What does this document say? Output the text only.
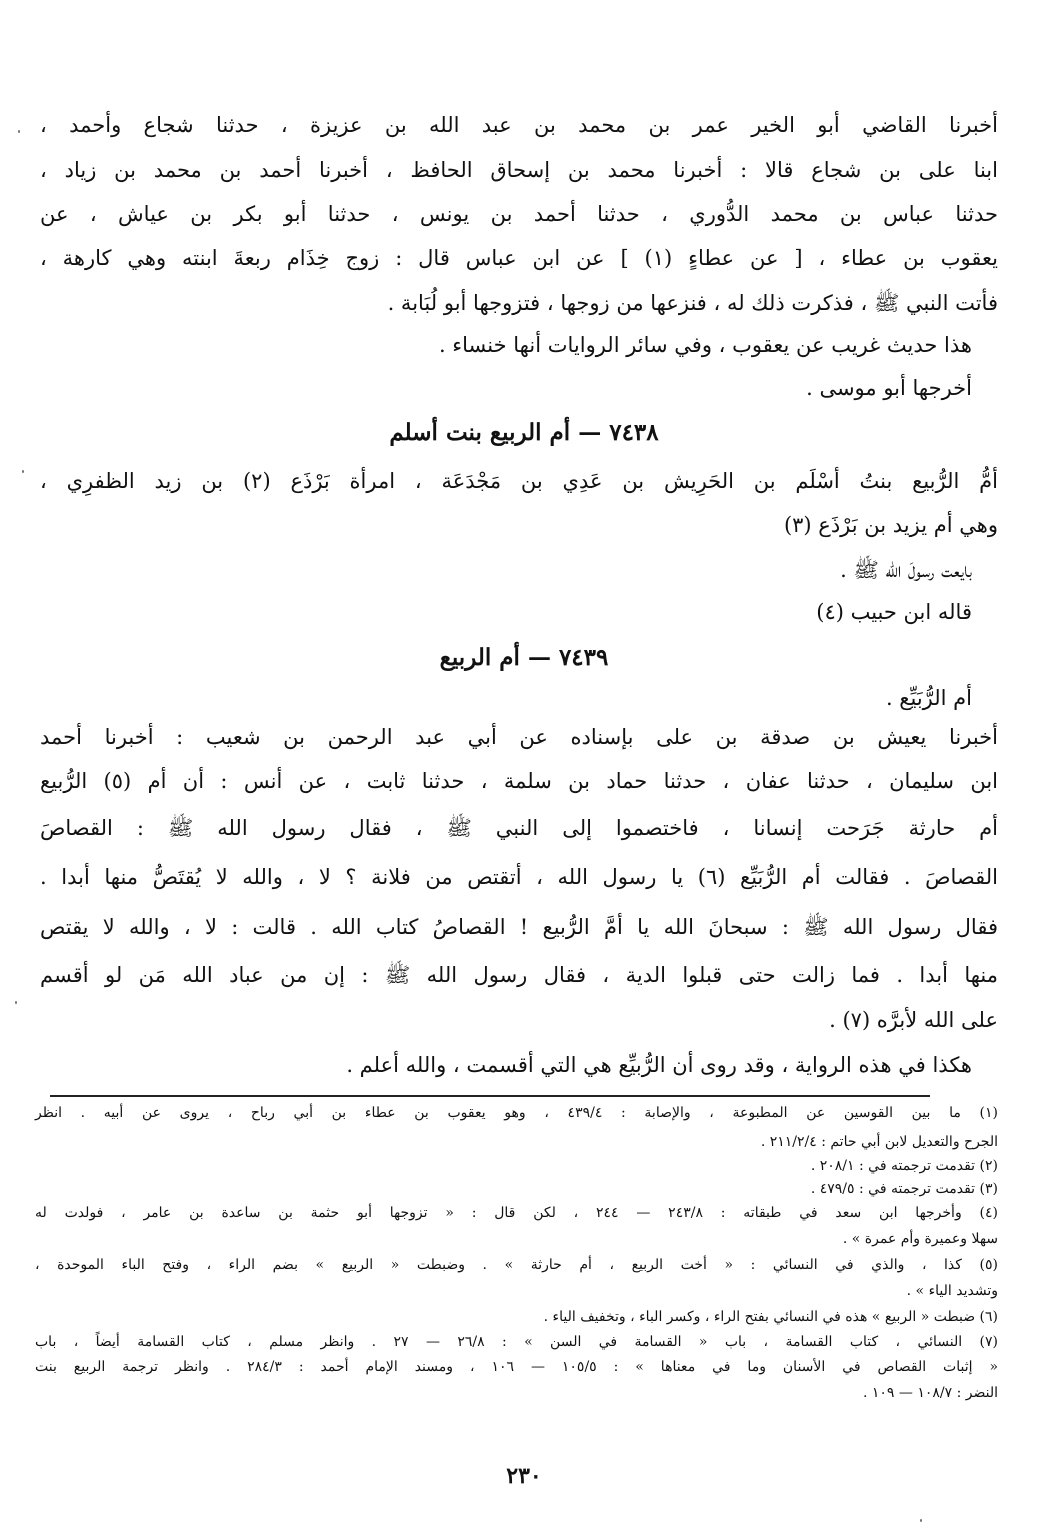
أخبرنا القاضي أبو الخير عمر بن محمد بن عبد الله بن عزيزة ، حدثنا شجاع وأحمد ،

ابنا على بن شجاع قالا : أخبرنا محمد بن إسحاق الحافظ ، أخبرنا أحمد بن محمد بن زياد ،

حدثنا عباس بن محمد الدُّوري ، حدثنا أحمد بن يونس ، حدثنا أبو بكر بن عياش ، عن

يعقوب بن عطاء ، [ عن عطاءٍ (١) ] عن ابن عباس قال : زوج خِذَام ربعةَ ابنته وهي كارهة ،

فأتت النبي ﷺ ، فذكرت ذلك له ، فنزعها من زوجها ، فتزوجها أبو لُبَابة .

هذا حديث غريب عن يعقوب ، وفي سائر الروايات أنها خنساء .

أخرجها أبو موسى .

٧٤٣٨ — أم الربيع بنت أسلم

أمُّ الرُّبيع بنتُ أسْلَم بن الحَرِيش بن عَدِي بن مَجْدَعَة ، امرأة بَرْذَع (٢) بن زيد الظفرِي ،

وهي أم يزيد بن بَرْذَع (٣)

بايعت رسولَ الله ﷺ .

قاله ابن حبيب (٤)

٧٤٣٩ — أم الربيع

أم الرُّبَيِّع .

أخبرنا يعيش بن صدقة بن على بإسناده عن أبي عبد الرحمن بن شعيب : أخبرنا أحمد

ابن سليمان ، حدثنا عفان ، حدثنا حماد بن سلمة ، حدثنا ثابت ، عن أنس : أن أم (٥) الرُّبيع

أم حارثة جَرَحت إنسانا ، فاختصموا إلى النبي ﷺ ، فقال رسول الله ﷺ : القصاصَ

القصاصَ . فقالت أم الرُّبَيِّع (٦) يا رسول الله ، أتقتص من فلانة ؟ لا ، والله لا يُقتَصُّ منها أبدا .

فقال رسول الله ﷺ : سبحانَ الله يا أمَّ الرُّبيع ! القصاصُ كتاب الله . قالت : لا ، والله لا يقتص

منها أبدا . فما زالت حتى قبلوا الدية ، فقال رسول الله ﷺ : إن من عباد الله مَن لو أقسم

على الله لأبرَّه (٧) .

هكذا في هذه الرواية ، وقد روى أن الرُّبيِّع هي التي أقسمت ، والله أعلم .

(١) ما بين القوسين عن المطبوعة ، والإصابة : ٤٣٩/٤ ، وهو يعقوب بن عطاء بن أبي رباح ، يروى عن أبيه . انظر

الجرح والتعديل لابن أبي حاتم : ٢١١/٢/٤ .

(٢) تقدمت ترجمته في : ٢٠٨/١ .

(٣) تقدمت ترجمته في : ٤٧٩/٥ .

(٤) وأخرجها ابن سعد في طبقاته : ٢٤٣/٨ — ٢٤٤ ، لكن قال : « تزوجها أبو حثمة بن ساعدة بن عامر ، فولدت له

سهلا وعميرة وأم عمرة » .

(٥) كذا ، والذي في النسائي : « أخت الربيع ، أم حارثة » . وضبطت « الربيع » بضم الراء ، وفتح الباء الموحدة ،

وتشديد الياء » .

(٦) ضبطت « الربيع » هذه في النسائي بفتح الراء ، وكسر الباء ، وتخفيف الياء .

(٧) النسائي ، كتاب القسامة ، باب « القسامة في السن » : ٢٦/٨ — ٢٧ . وانظر مسلم ، كتاب القسامة أيضاً ، باب

« إثبات القصاص في الأسنان وما في معناها » : ١٠٥/٥ — ١٠٦ ، ومسند الإمام أحمد : ٢٨٤/٣ . وانظر ترجمة الربيع بنت

النضر : ١٠٨/٧ — ١٠٩ .

٢٣٠
